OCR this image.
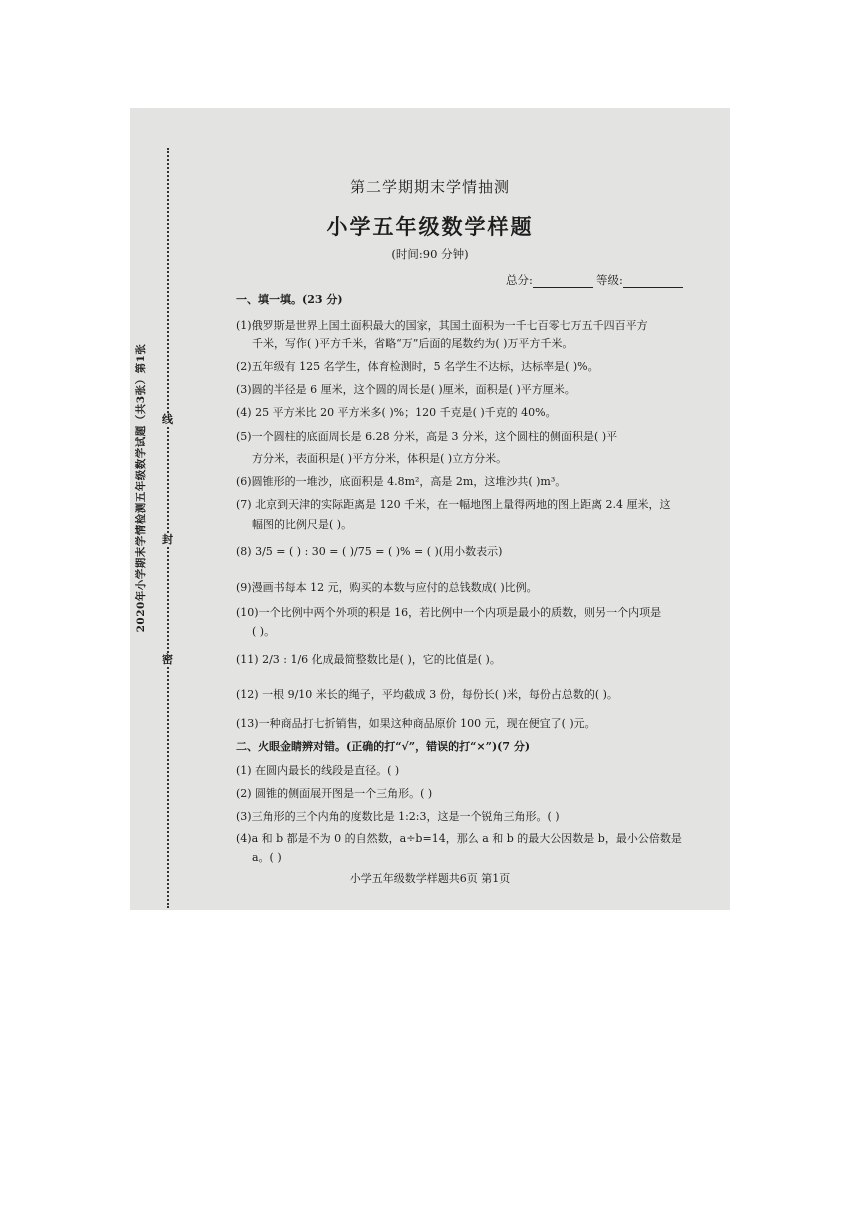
2020年小学期末学情检测五年级数学试题（共3张）第1张	线
封
密
第二学期期末学情抽测
小学五年级数学样题
(时间:90 分钟)
总分:	等级:
一、填一填。(23 分)
(1)俄罗斯是世界上国土面积最大的国家，其国土面积为一千七百零七万五千四百平方
千米，写作( )平方千米，省略“万”后面的尾数约为( )万平方千米。
(2)五年级有 125 名学生，体育检测时，5 名学生不达标，达标率是( )%。
(3)圆的半径是 6 厘米，这个圆的周长是( )厘米，面积是( )平方厘米。
(4) 25 平方米比 20 平方米多( )%；120 千克是( )千克的 40%。
(5)一个圆柱的底面周长是 6.28 分米，高是 3 分米，这个圆柱的侧面积是( )平
方分米，表面积是( )平方分米，体积是( )立方分米。
(6)圆锥形的一堆沙，底面积是 4.8m²，高是 2m，这堆沙共( )m³。
(7) 北京到天津的实际距离是 120 千米，在一幅地图上量得两地的图上距离 2.4 厘米，这
幅图的比例尺是( )。
(8) 3/5 = ( ) : 30 = ( )/75 = ( )% = ( )(用小数表示)
(9)漫画书每本 12 元，购买的本数与应付的总钱数成( )比例。
(10)一个比例中两个外项的积是 16，若比例中一个内项是最小的质数，则另一个内项是
( )。
(11) 2/3 : 1/6 化成最简整数比是( )，它的比值是( )。
(12) 一根 9/10 米长的绳子，平均截成 3 份，每份长( )米，每份占总数的( )。
(13)一种商品打七折销售，如果这种商品原价 100 元，现在便宜了( )元。
二、火眼金睛辨对错。(正确的打“√”，错误的打“×”)(7 分)
(1) 在圆内最长的线段是直径。( )
(2) 圆锥的侧面展开图是一个三角形。( )
(3)三角形的三个内角的度数比是 1:2:3，这是一个锐角三角形。( )
(4)a 和 b 都是不为 0 的自然数，a÷b=14，那么 a 和 b 的最大公因数是 b，最小公倍数是
a。( )
小学五年级数学样题共6页 第1页
